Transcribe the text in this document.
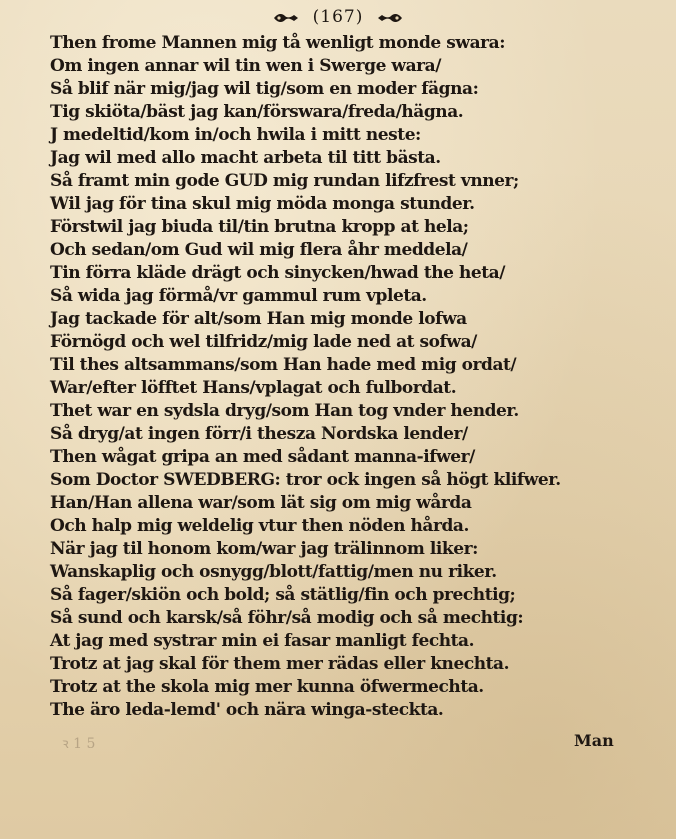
(167)
Then frome Mannen mig tå wenligt monde swara:
Om ingen annar wil tin wen i Swerge wara/
Så blif när mig/jag wil tig/som en moder fägna:
Tig skiöta/bäst jag kan/förswara/freda/hägna.
J medeltid/kom in/och hwila i mitt neste:
Jag wil med allo macht arbeta til titt bästa.
Så framt min gode GUD mig rundan lifzfrest vnner;
Wil jag för tina skul mig möda monga stunder.
Förstwil jag biuda til/tin brutna kropp at hela;
Och sedan/om Gud wil mig flera åhr meddela/
Tin förra kläde drägt och sinycken/hwad the heta/
Så wida jag förmå/vr gammul rum vpleta.
Jag tackade för alt/som Han mig monde lofwa
Förnögd och wel tilfridz/mig lade ned at sofwa/
Til thes altsammans/som Han hade med mig ordat/
War/efter löfftet Hans/vplagat och fulbordat.
Thet war en sydsla dryg/som Han tog vnder hender.
Så dryg/at ingen förr/i thesza Nordska lender/
Then wågat gripa an med sådant manna-ifwer/
Som Doctor SWEDBERG: tror ock ingen så högt klifwer.
Han/Han allena war/som lät sig om mig wårda
Och halp mig weldelig vtur then nöden hårda.
När jag til honom kom/war jag trälinnom liker:
Wanskaplig och osnygg/blott/fattig/men nu riker.
Så fager/skiön och bold; så stätlig/fin och prechtig;
Så sund och karsk/så föhr/så modig och så mechtig:
At jag med systrar min ei fasar manligt fechta.
Trotz at jag skal för them mer rädas eller knechta.
Trotz at the skola mig mer kunna öfwermechta.
The äro leda-lemd' och nära winga-steckta.
ꝛ 1 5	Man
